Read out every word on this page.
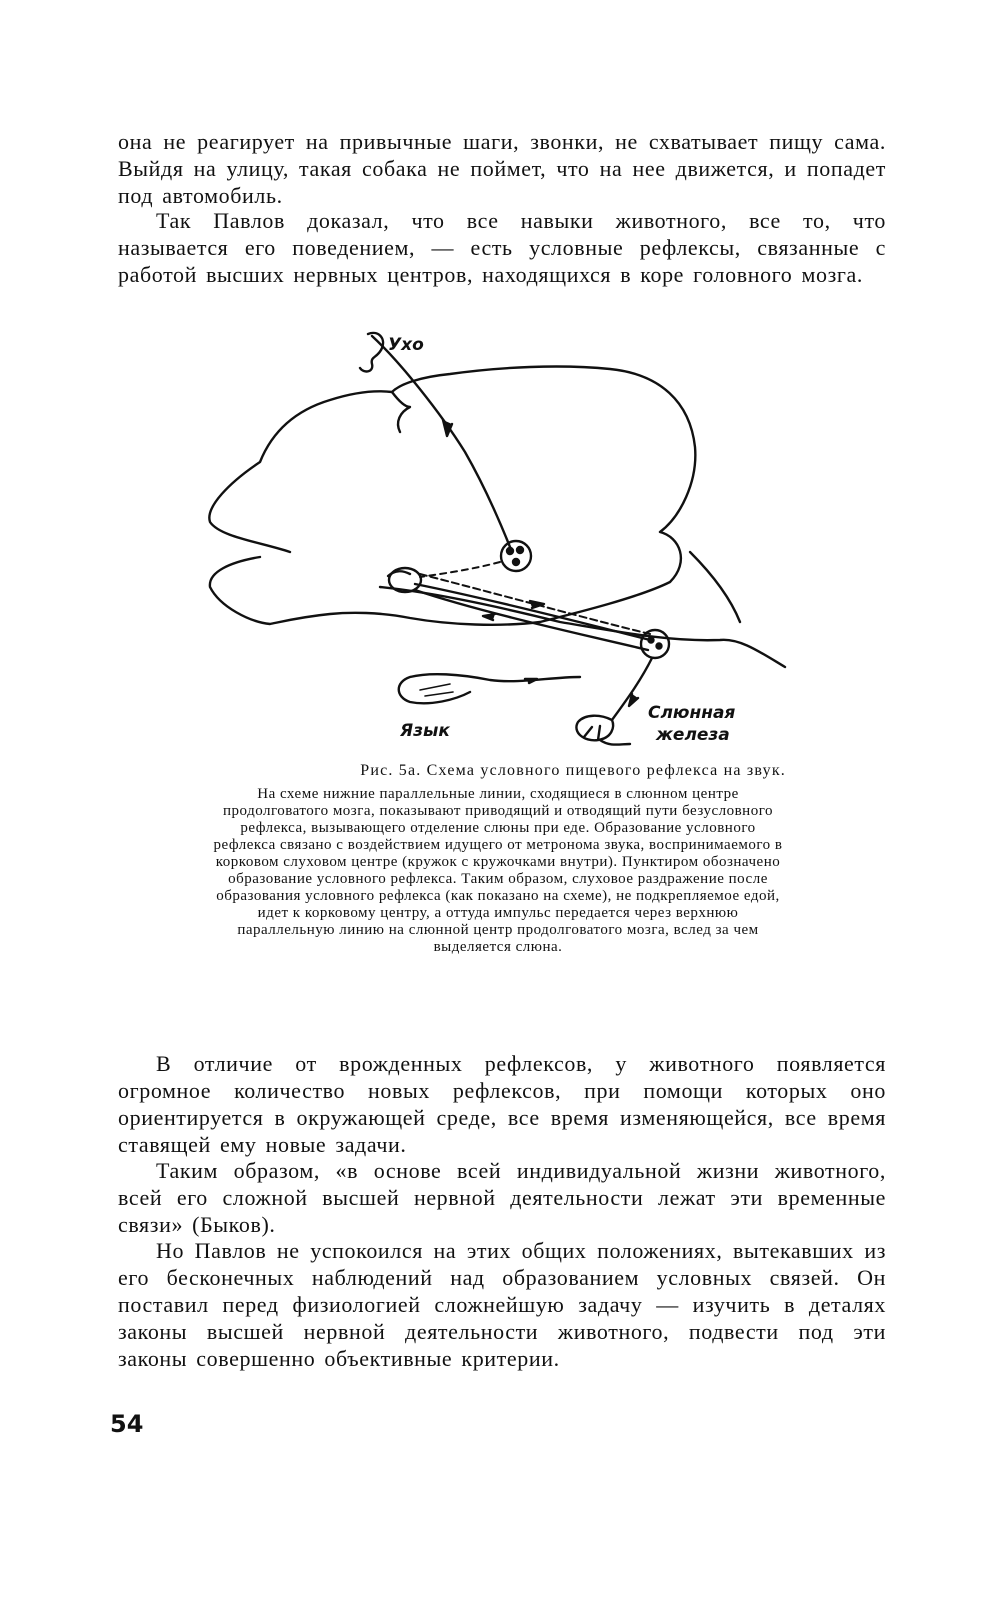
она не реагирует на привычные шаги, звонки, не схватывает пищу сама. Выйдя на улицу, такая собака не поймет, что на нее движется, и попадет под автомобиль.

Так Павлов доказал, что все навыки животного, все то, что называется его поведением, — есть условные рефлексы, связанные с работой высших нервных центров, находящихся в коре головного мозга.

Ухо
Язык
Слюнная
железа

Рис. 5а. Схема условного пищевого рефлекса на звук.

На схеме нижние параллельные линии, сходящиеся в слюнном центре продолговатого мозга, показывают приводящий и отводящий пути безусловного рефлекса, вызывающего отделение слюны при еде. Образование условного рефлекса связано с воздействием идущего от метронома звука, воспринимаемого в корковом слуховом центре (кружок с кружочками внутри). Пунктиром обозначено образование условного рефлекса. Таким образом, слуховое раздражение после образования условного рефлекса (как показано на схеме), не подкрепляемое едой, идет к корковому центру, а оттуда импульс передается через верхнюю параллельную линию на слюнной центр продолговатого мозга, вслед за чем выделяется слюна.

В отличие от врожденных рефлексов, у животного появляется огромное количество новых рефлексов, при помощи которых оно ориентируется в окружающей среде, все время изменяющейся, все время ставящей ему новые задачи.

Таким образом, «в основе всей индивидуальной жизни животного, всей его сложной высшей нервной деятельности лежат эти временные связи» (Быков).

Но Павлов не успокоился на этих общих положениях, вытекавших из его бесконечных наблюдений над образованием условных связей. Он поставил перед физиологией сложнейшую задачу — изучить в деталях законы высшей нервной деятельности животного, подвести под эти законы совершенно объективные критерии.

54
